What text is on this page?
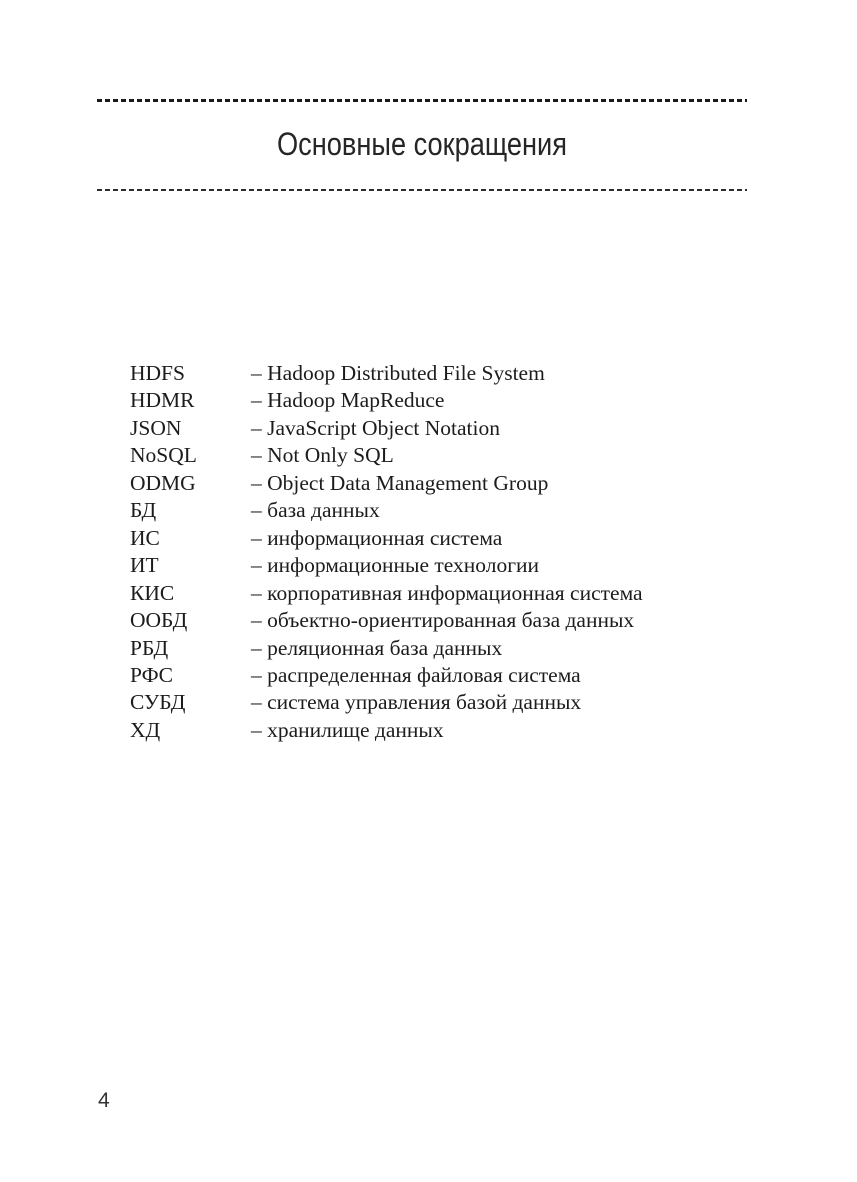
Основные сокращения
HDFS	– Hadoop Distributed File System
HDMR	– Hadoop MapReduce
JSON	– JavaScript Object Notation
NoSQL	– Not Only SQL
ODMG	– Object Data Management Group
БД	– база данных
ИС	– информационная система
ИТ	– информационные технологии
КИС	– корпоративная информационная система
ООБД	– объектно-ориентированная база данных
РБД	– реляционная база данных
РФС	– распределенная файловая система
СУБД	– система управления базой данных
ХД	– хранилище данных
4
